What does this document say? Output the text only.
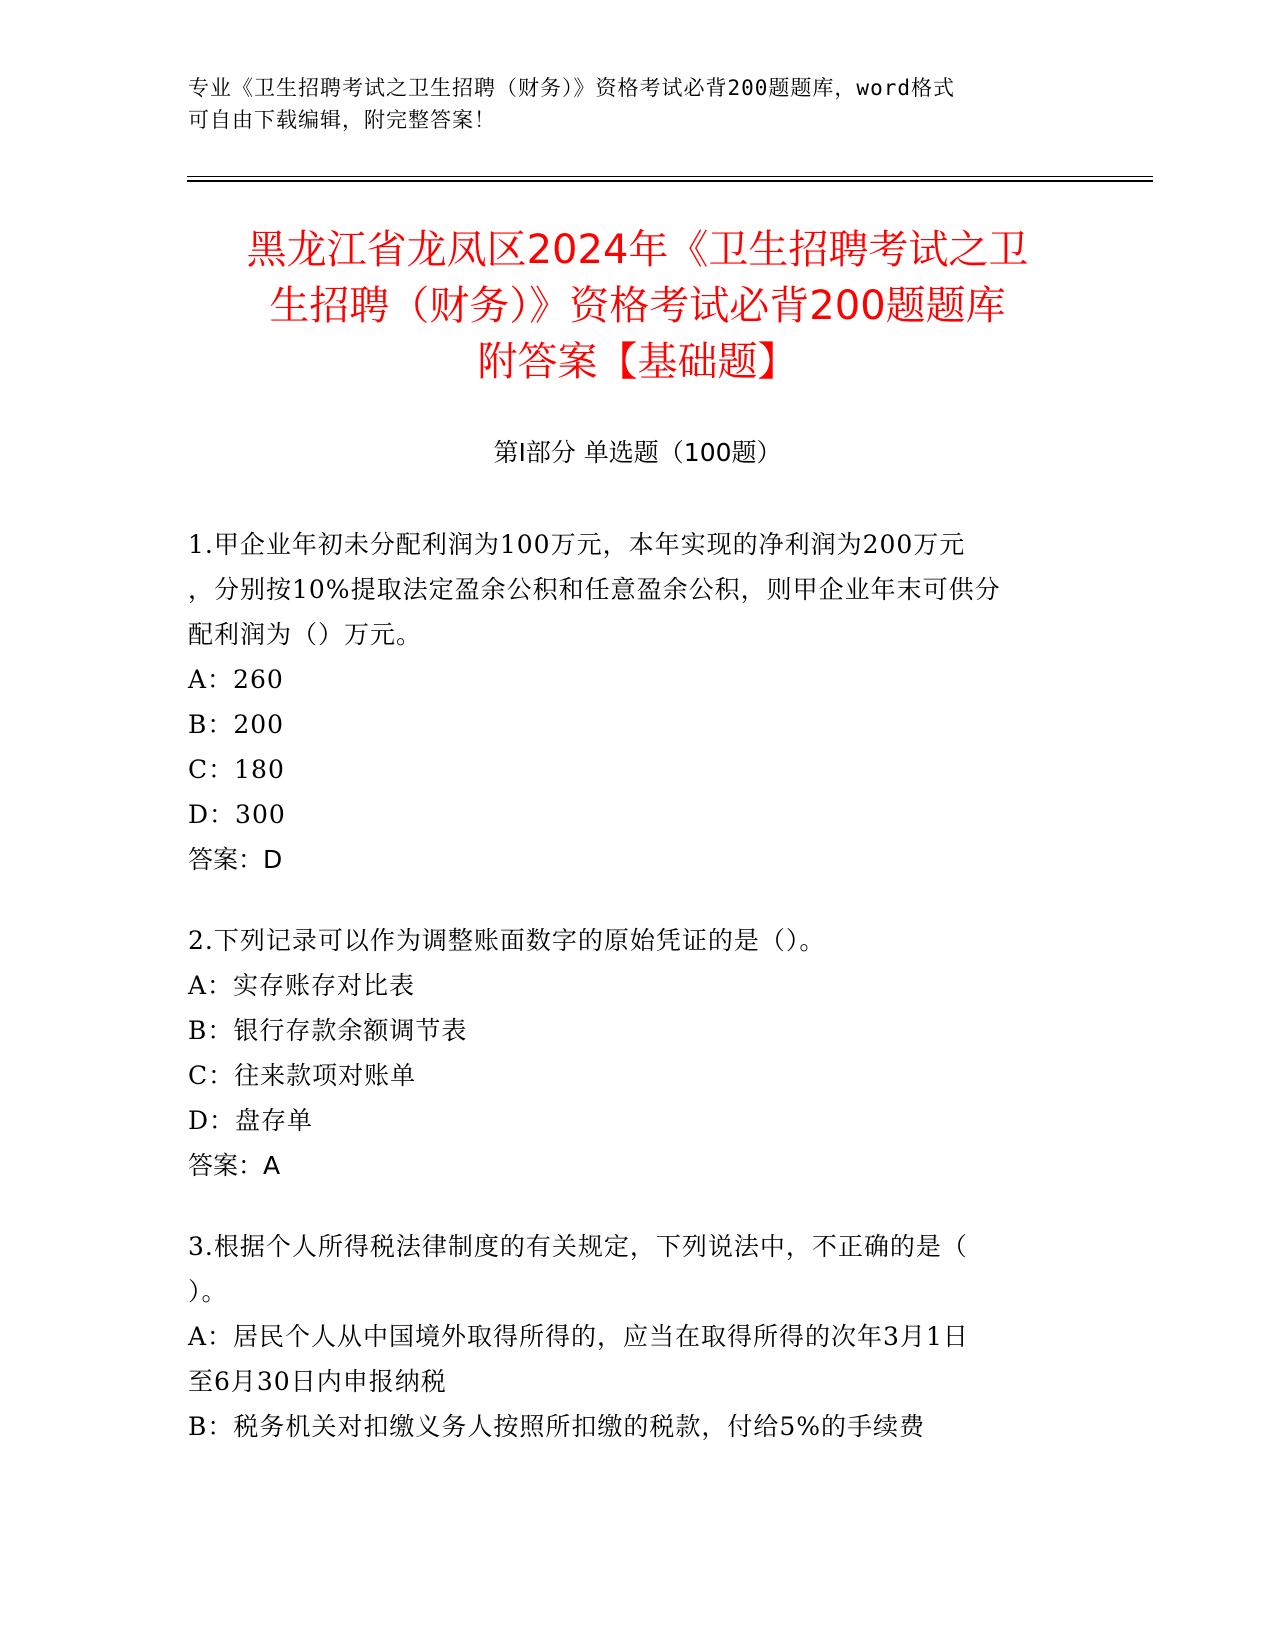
专业《卫生招聘考试之卫生招聘（财务）》资格考试必背200题题库，word格式
可自由下载编辑，附完整答案！
黑龙江省龙凤区2024年《卫生招聘考试之卫
生招聘（财务）》资格考试必背200题题库
附答案【基础题】
第Ⅰ部分 单选题（100题）
1.甲企业年初未分配利润为100万元，本年实现的净利润为200万元
，分别按10%提取法定盈余公积和任意盈余公积，则甲企业年末可供分
配利润为（）万元。
A：260
B：200
C：180
D：300
答案：D
2.下列记录可以作为调整账面数字的原始凭证的是（）。
A：实存账存对比表
B：银行存款余额调节表
C：往来款项对账单
D：盘存单
答案：A
3.根据个人所得税法律制度的有关规定，下列说法中，不正确的是（
）。
A：居民个人从中国境外取得所得的，应当在取得所得的次年3月1日
至6月30日内申报纳税
B：税务机关对扣缴义务人按照所扣缴的税款，付给5%的手续费
